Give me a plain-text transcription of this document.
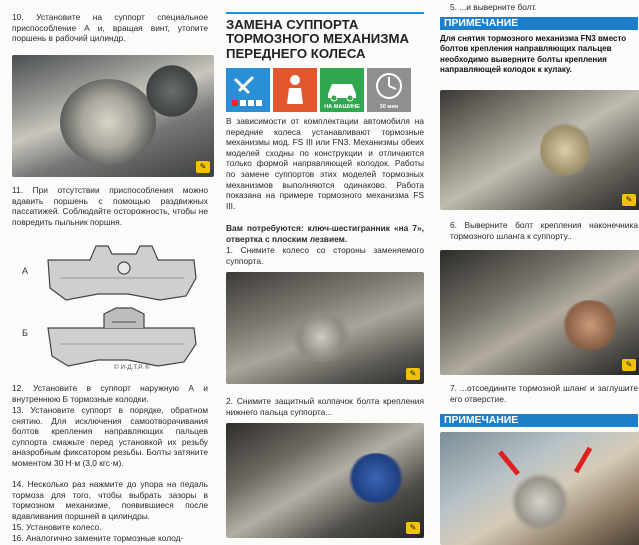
10. Установите на суппорт специальное приспособление А и, вращая винт, утопите поршень в рабочий цилиндр.

✎

11. При отсутствии приспособления можно вдавить поршень с помощью раздвижных пассатижей. Соблюдайте осторожность, чтобы не повредить пыльник поршня.

А
Б
© И-Д.Т.Р. ®

12. Установите в суппорт наружную А и внутреннюю Б тормозные колодки.

13. Установите суппорт в порядке, обратном снятию. Для исключения самоотворачивания болтов крепления направляющих пальцев суппорта смажьте перед установкой их резьбу анаэробным фиксатором резьбы. Болты затяните моментом 30 Н·м (3,0 кгс·м).

14. Несколько раз нажмите до упора на педаль тормоза для того, чтобы выбрать зазоры в тормозном механизме, появившиеся после вдавливания поршней в цилиндры.

15. Установите колесо.

16. Аналогично замените тормозные колод-

ЗАМЕНА СУППОРТА ТОРМОЗНОГО МЕХАНИЗМА ПЕРЕДНЕГО КОЛЕСА
НА МАШИНЕ	30 мин

В зависимости от комплектации автомобиля на передние колеса устанавливают тормозные механизмы мод. FS III или FN3. Механизмы обеих моделей сходны по конструкции и отличаются только формой направляющей колодок. Работы по замене суппортов этих моделей тормозных механизмов выполняются одинаково. Работа показана на примере тормозного механизма FS III.

Вам потребуются: ключ-шестигранник «на 7», отвертка с плоским лезвием.

1. Снимите колесо со стороны заменяемого суппорта.

✎

2. Снимите защитный колпачок болта крепления нижнего пальца суппорта...

✎

5. ...и выверните болт.

ПРИМЕЧАНИЕ

Для снятия тормозного механизма FN3 вместо болтов крепления направляющих пальцев необходимо выверните болты крепления направляющей колодок к кулаку.

✎

6. Выверните болт крепления наконечника тормозного шланга к суппорту..

✎

7. ...отсоедините тормозной шланг и заглушите его отверстие.

ПРИМЕЧАНИЕ
